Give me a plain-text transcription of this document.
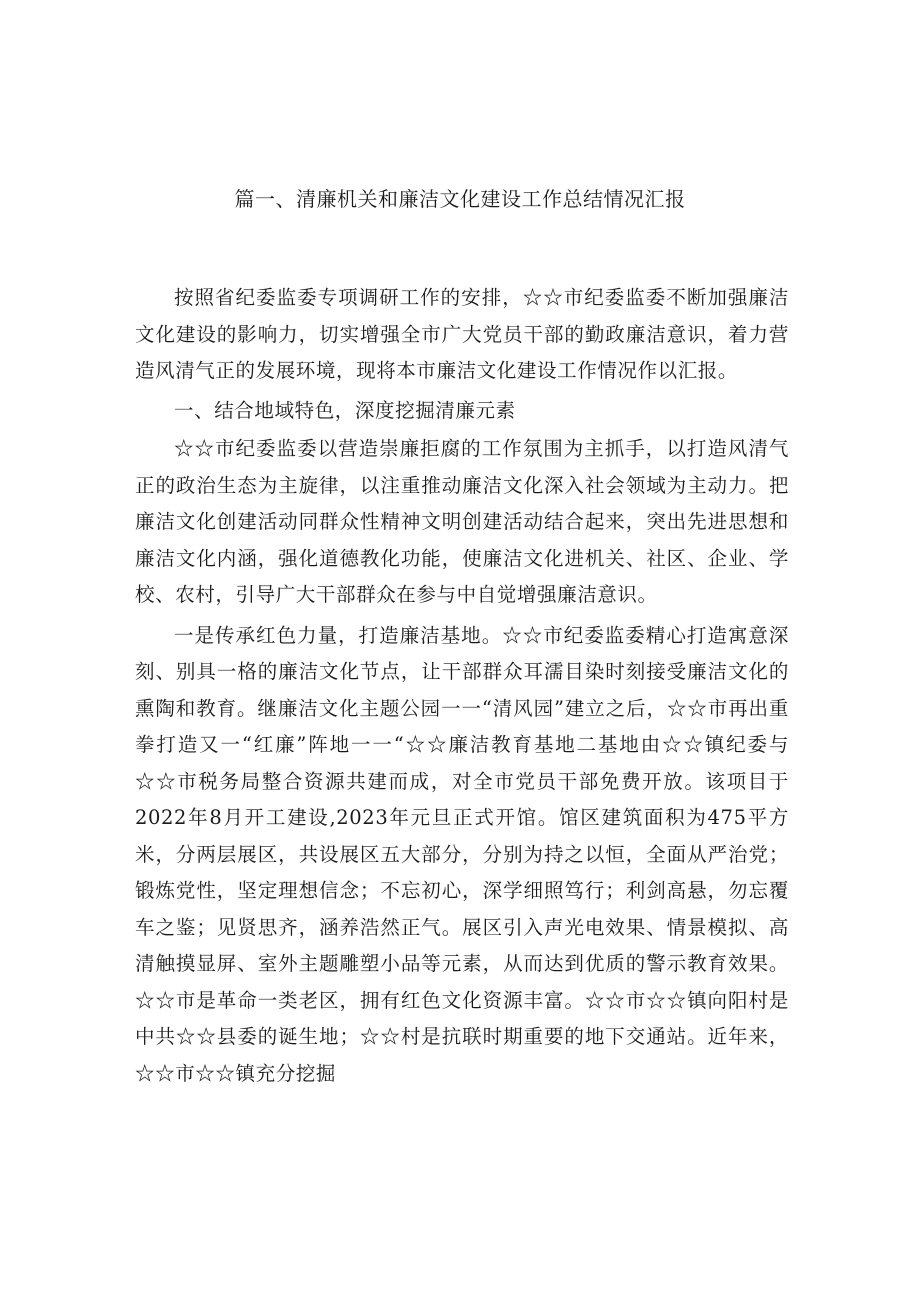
篇一、清廉机关和廉洁文化建设工作总结情况汇报

按照省纪委监委专项调研工作的安排，☆☆市纪委监委不断加强廉洁文化建设的影响力，切实增强全市广大党员干部的勤政廉洁意识，着力营造风清气正的发展环境，现将本市廉洁文化建设工作情况作以汇报。

一、结合地域特色，深度挖掘清廉元素

☆☆市纪委监委以营造崇廉拒腐的工作氛围为主抓手，以打造风清气正的政治生态为主旋律，以注重推动廉洁文化深入社会领域为主动力。把廉洁文化创建活动同群众性精神文明创建活动结合起来，突出先进思想和廉洁文化内涵，强化道德教化功能，使廉洁文化进机关、社区、企业、学校、农村，引导广大干部群众在参与中自觉增强廉洁意识。

一是传承红色力量，打造廉洁基地。☆☆市纪委监委精心打造寓意深刻、别具一格的廉洁文化节点，让干部群众耳濡目染时刻接受廉洁文化的熏陶和教育。继廉洁文化主题公园一一“清风园”建立之后，☆☆市再出重拳打造又一“红廉”阵地一一“☆☆廉洁教育基地二基地由☆☆镇纪委与☆☆市税务局整合资源共建而成，对全市党员干部免费开放。该项目于2022年8月开工建设,2023年元旦正式开馆。馆区建筑面积为475平方米，分两层展区，共设展区五大部分，分别为持之以恒，全面从严治党；锻炼党性，坚定理想信念；不忘初心，深学细照笃行；利剑高悬，勿忘覆车之鉴；见贤思齐，涵养浩然正气。展区引入声光电效果、情景模拟、高清触摸显屏、室外主题雕塑小品等元素，从而达到优质的警示教育效果。☆☆市是革命一类老区，拥有红色文化资源丰富。☆☆市☆☆镇向阳村是中共☆☆县委的诞生地；☆☆村是抗联时期重要的地下交通站。近年来，☆☆市☆☆镇充分挖掘
